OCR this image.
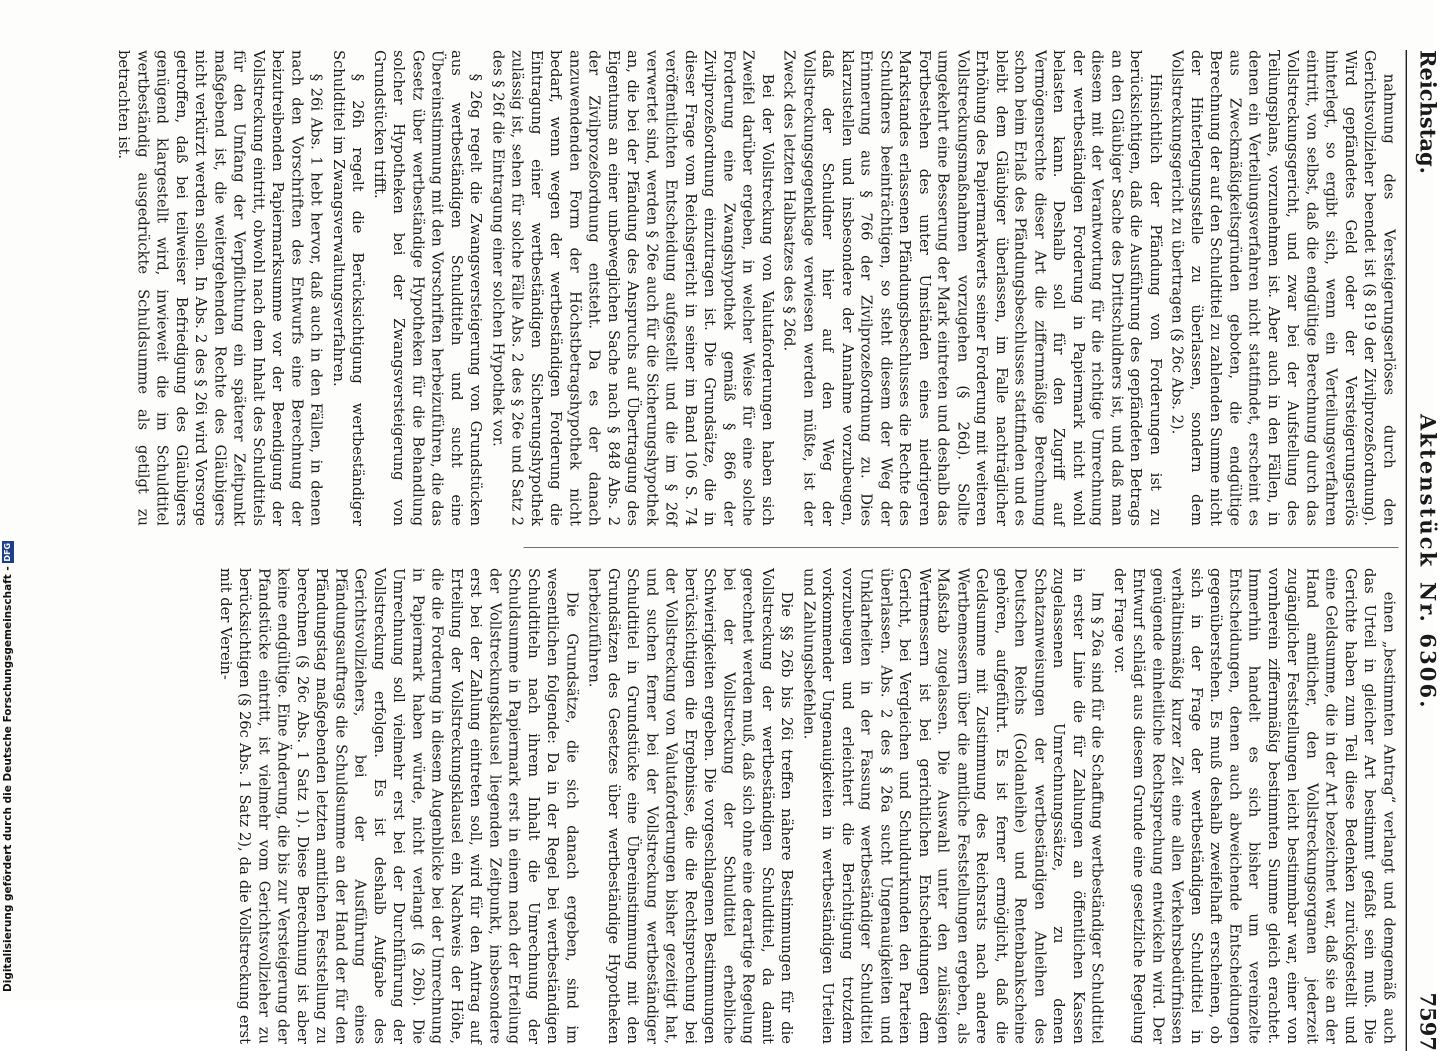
Reichstag.
Aktenstück
Nr. 6306.
7597

nahmung des Versteigerungserlöses durch den Gerichtsvollzieher beendet ist (§ 819 der Zivilprozeßordnung). Wird gepfändetes Geld oder der Versteigerungserlös hinterlegt, so ergibt sich, wenn ein Verteilungsverfahren eintritt, von selbst, daß die endgültige Berechnung durch das Vollstreckungsgericht, und zwar bei der Aufstellung des Teilungsplans, vorzunehmen ist. Aber auch in den Fällen, in denen ein Verteilungsverfahren nicht stattfindet, erscheint es aus Zweckmäßigkeitsgründen geboten, die endgültige Berechnung der auf den Schuldtitel zu zahlenden Summe nicht der Hinterlegungsstelle zu überlassen, sondern dem Vollstreckungsgericht zu übertragen (§ 26c Abs. 2).

Hinsichtlich der Pfändung von Forderungen ist zu berücksichtigen, daß die Ausführung des gepfändeten Betrags an den Gläubiger Sache des Drittschuldners ist, und daß man diesem mit der Verantwortung für die richtige Umrechnung der wertbeständigen Forderung in Papiermark nicht wohl belasten kann. Deshalb soll für den Zugriff auf Vermögensrechte dieser Art die ziffernmäßige Berechnung schon beim Erlaß des Pfändungsbeschlusses stattfinden und es bleibt dem Gläubiger überlassen, im Falle nachträglicher Erhöhung des Papiermarkwerts seiner Forderung mit weiteren Vollstreckungsmaßnahmen vorzugehen (§ 26d). Sollte umgekehrt eine Besserung der Mark eintreten und deshalb das Fortbestehen des unter Umständen eines niedrigeren Markstandes erlassenen Pfändungsbeschlusses die Rechte des Schuldners beeinträchtigen, so steht diesem der Weg der Erinnerung aus § 766 der Zivilprozeßordnung zu. Dies klarzustellen und insbesondere der Annahme vorzubeugen, daß der Schuldner hier auf den Weg der Vollstreckungsgegenklage verwiesen werden müßte, ist der Zweck des letzten Halbsatzes des § 26d.

Bei der Vollstreckung von Valutaforderungen haben sich Zweifel darüber ergeben, in welcher Weise für eine solche Forderung eine Zwangshypothek gemäß § 866 der Zivilprozeßordnung einzutragen ist. Die Grundsätze, die in dieser Frage vom Reichsgericht in seiner im Band 106 S. 74 veröffentlichten Entscheidung aufgestellt und die im § 26f verwertet sind, werden § 26e auch für die Sicherungshypothek an, die bei der Pfändung des Anspruchs auf Übertragung des Eigentums an einer unbeweglichen Sache nach § 848 Abs. 2 der Zivilprozeßordnung entsteht. Da es der danach anzuwendenden Form der Höchstbetragshypothek nicht bedarf, wenn wegen der wertbeständigen Forderung die Eintragung einer wertbeständigen Sicherungshypothek zulässig ist, sehen für solche Fälle Abs. 2 des § 26e und Satz 2 des § 26f die Eintragung einer solchen Hypothek vor.

§ 26g regelt die Zwangsversteigerung von Grundstücken aus wertbeständigen Schuldtiteln und sucht eine Übereinstimmung mit den Vorschriften herbeizuführen, die das Gesetz über wertbeständige Hypotheken für die Behandlung solcher Hypotheken bei der Zwangsversteigerung von Grundstücken trifft.

§ 26h regelt die Berücksichtigung wertbeständiger Schuldtitel im Zwangsverwaltungsverfahren.

§ 26i Abs. 1 hebt hervor, daß auch in den Fällen, in denen nach den Vorschriften des Entwurfs eine Berechnung der beizutreibenden Papiermarksumme vor der Beendigung der Vollstreckung eintritt, obwohl nach dem Inhalt des Schuldtitels für den Umfang der Verpflichtung ein späterer Zeitpunkt maßgebend ist, die weitergehenden Rechte des Gläubigers nicht verkürzt werden sollen. In Abs. 2 des § 26i wird Vorsorge getroffen, daß bei teilweiser Befriedigung des Gläubigers genügend klargestellt wird, inwieweit die im Schuldtitel wertbeständig ausgedrückte Schuldsumme als getilgt zu betrachten ist.

einen „bestimmten Antrag“ verlangt und demgemäß auch das Urteil in gleicher Art bestimmt gefaßt sein muß. Die Gerichte haben zum Teil diese Bedenken zurückgestellt und eine Geldsumme, die in der Art bezeichnet war, daß sie an der Hand amtlicher, den Vollstreckungsorganen jederzeit zugänglicher Feststellungen leicht bestimmbar war, einer von vornherein ziffernmäßig bestimmten Summe gleich erachtet. Immerhin handelt es sich bisher um vereinzelte Entscheidungen, denen auch abweichende Entscheidungen gegenüberstehen. Es muß deshalb zweifelhaft erscheinen, ob sich in der Frage der wertbeständigen Schuldtitel in verhältnismäßig kurzer Zeit eine allen Verkehrsbedürfnissen genügende einheitliche Rechtsprechung entwickeln wird. Der Entwurf schlägt aus diesem Grunde eine gesetzliche Regelung der Frage vor.

Im § 26a sind für die Schaffung wertbeständiger Schuldtitel in erster Linie die für Zahlungen an öffentlichen Kassen zugelassenen Umrechnungssätze, zu denen Schatzanweisungen der wertbeständigen Anleihen des Deutschen Reichs (Goldanleihe) und Rentenbankscheine gehören, aufgeführt. Es ist ferner ermöglicht, daß die Geldsumme mit Zustimmung des Reichsrats nach andere Wertbemessern über die amtliche Feststellungen ergeben, als Maßstab zugelassen. Die Auswahl unter den zulässigen Wertmessern ist bei gerichtlichen Entscheidungen dem Gericht, bei Vergleichen und Schuldurkunden den Parteien überlassen. Abs. 2 des § 26a sucht Ungenauigkeiten und Unklarheiten in der Fassung wertbeständiger Schuldtitel vorzubeugen und erleichtert die Berichtigung trotzdem vorkommender Ungenauigkeiten in wertbeständigen Urteilen und Zahlungsbefehlen.

Die §§ 26b bis 26i treffen nähere Bestimmungen für die Vollstreckung der wertbeständigen Schuldtitel, da damit gerechnet werden muß, daß sich ohne eine derartige Regelung bei der Vollstreckung der Schuldtitel erhebliche Schwierigkeiten ergeben. Die vorgeschlagenen Bestimmungen berücksichtigen die Ergebnisse, die die Rechtsprechung bei der Vollstreckung von Valutaforderungen bisher gezeitigt hat, und suchen ferner bei der Vollstreckung wertbeständiger Schuldtitel in Grundstücke eine Übereinstimmung mit den Grundsätzen des Gesetzes über wertbeständige Hypotheken herbeizuführen.

Die Grundsätze, die sich danach ergeben, sind im wesentlichen folgende: Da in der Regel bei wertbeständigen Schuldtiteln nach ihrem Inhalt die Umrechnung der Schuldsumme in Papiermark erst in einem nach der Erteilung der Vollstreckungsklausel liegenden Zeitpunkt, insbesondere erst bei der Zahlung eintreten soll, wird für den Antrag auf Erteilung der Vollstreckungsklausel ein Nachweis der Höhe, die die Forderung in diesem Augenblicke bei der Umrechnung in Papiermark haben würde, nicht verlangt (§ 26b). Die Umrechnung soll vielmehr erst bei der Durchführung der Vollstreckung erfolgen. Es ist deshalb Aufgabe des Gerichtsvollziehers, bei der Ausführung eines Pfändungsauftrags die Schuldsumme an der Hand der für den Pfändungstag maßgebenden letzten amtlichen Feststellung zu berechnen (§ 26c Abs. 1 Satz 1). Diese Berechnung ist aber keine endgültige. Eine Änderung, die bis zur Versteigerung der Pfandstücke eintritt, ist vielmehr vom Gerichtsvollzieher zu berücksichtigen (§ 26c Abs. 1 Satz 2), da die Vollstreckung erst mit der Verein-

Digitalisierung gefördert durch die Deutsche Forschungsgemeinschaft -DFG
